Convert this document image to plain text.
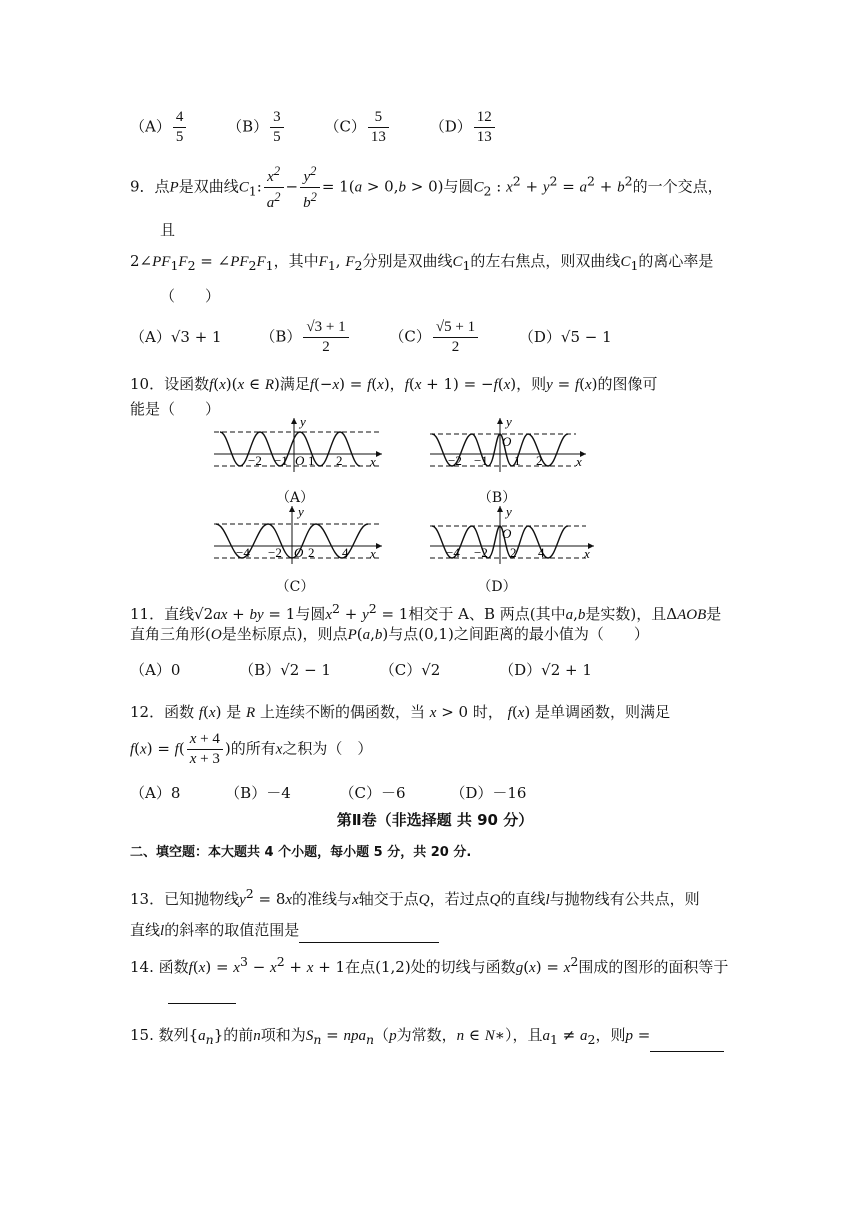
$(A) \frac{4}{5}$	$(B) \frac{3}{5}$	$(C) \frac{5}{13}$	$(D) \frac{12}{13}$
9．点P是双曲线$C_1$: $\frac{x^2}{a^2} - \frac{y^2}{b^2} = 1(a > 0,b > 0)$与圆$C_2$ : $x^2 + y^2 = a^2 + b^2$的一个交点，
且
$2\angle PF_1F_2$ = $\angle PF_2F_1$，其中$F_1$, $F_2$分别是双曲线$C_1$的左右焦点，则双曲线$C_1$的离心率是
（　　）
（A）√3 + 1	$(B) \frac{√3 + 1}{2}$	$(C) \frac{√5 + 1}{2}$	（D）√5 − 1
10．设函数f(x)(x ∈ R)满足f(−x) = f(x)，f(x + 1) = −f(x)，则y = f(x)的图像可
能是（　　）
y
x
−2 −1 O 1 2
（A）
y
x
O
−2 −1 1 2
（B）
y
x
−4 −2 O 2 4
（C）
y
x
O
−4 −2 2 4
（D）
11．直线√2ax + by = 1与圆$x^2 + y^2 = 1$相交于 A、B 两点(其中a,b是实数)，且ΔAOB是
直角三角形(O是坐标原点)，则点P(a,b)与点(0,1)之间距离的最小值为（　　）
（A）0	（B）√2 − 1	（C）√2	（D）√2 + 1
12．函数 f(x) 是 R 上连续不断的偶函数，当 x > 0 时， f(x) 是单调函数，则满足
$f(x) = f( \frac{x + 4}{x + 3}$ )的所有x之积为（　）
（A）8	（B）－4	（C）－6	（D）－16
第Ⅱ卷（非选择题 共 90 分）
二、填空题：本大题共 4 个小题，每小题 5 分，共 20 分.
13．已知抛物线$y^2 = 8x$的准线与x轴交于点Q，若过点Q的直线l与抛物线有公共点，则
直线l的斜率的取值范围是
14. 函数$f(x) = x^3 - x^2 + x + 1$在点(1,2)处的切线与函数$g(x) = x^2$围成的图形的面积等于
15. 数列$\{a_n\}$的前n项和为$S_n = npa_n(p$为常数，n ∈ N∗），且$a_1 \ne a_2$，则p =
